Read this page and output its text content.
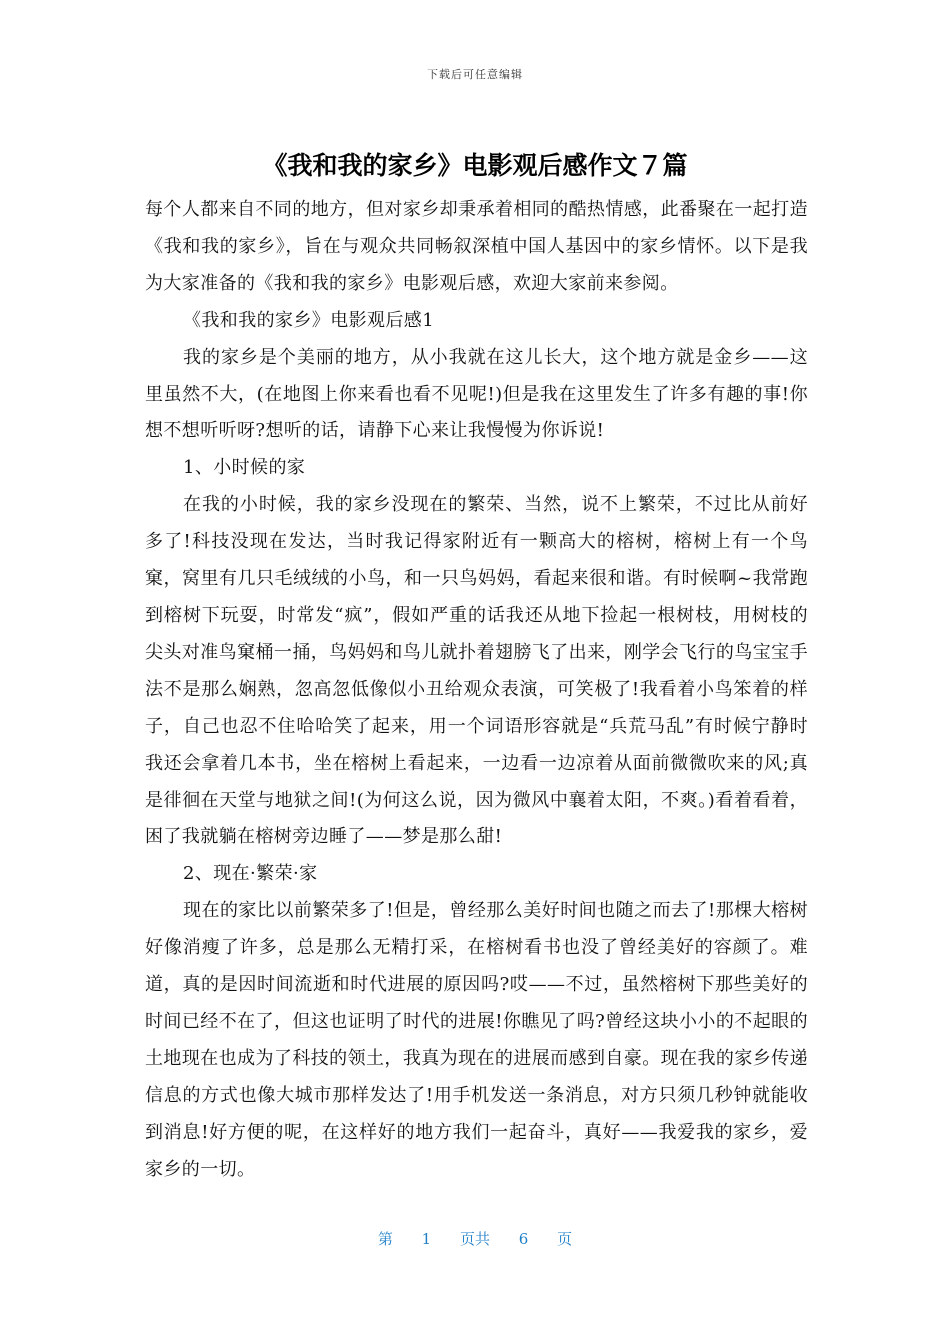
下载后可任意编辑
《我和我的家乡》电影观后感作文７篇

每个人都来自不同的地方，但对家乡却秉承着相同的酷热情感，此番聚在一起打造《我和我的家乡》，旨在与观众共同畅叙深植中国人基因中的家乡情怀。以下是我为大家准备的《我和我的家乡》电影观后感，欢迎大家前来参阅。

《我和我的家乡》电影观后感1

我的家乡是个美丽的地方，从小我就在这儿长大，这个地方就是金乡——这里虽然不大，(在地图上你来看也看不见呢!)但是我在这里发生了许多有趣的事!你想不想听听呀?想听的话，请静下心来让我慢慢为你诉说!

1、小时候的家

在我的小时候，我的家乡没现在的繁荣、当然，说不上繁荣，不过比从前好多了!科技没现在发达，当时我记得家附近有一颗高大的榕树，榕树上有一个鸟窠，窝里有几只毛绒绒的小鸟，和一只鸟妈妈，看起来很和谐。有时候啊~我常跑到榕树下玩耍，时常发“疯”，假如严重的话我还从地下捡起一根树枝，用树枝的尖头对准鸟窠桶一捅，鸟妈妈和鸟儿就扑着翅膀飞了出来，刚学会飞行的鸟宝宝手法不是那么娴熟，忽高忽低像似小丑给观众表演，可笑极了!我看着小鸟笨着的样子，自己也忍不住哈哈笑了起来，用一个词语形容就是“兵荒马乱”有时候宁静时我还会拿着几本书，坐在榕树上看起来，一边看一边凉着从面前微微吹来的风;真是徘徊在天堂与地狱之间!(为何这么说，因为微风中襄着太阳，不爽。)看着看着，困了我就躺在榕树旁边睡了——梦是那么甜!

2、现在·繁荣·家

现在的家比以前繁荣多了!但是，曾经那么美好时间也随之而去了!那棵大榕树好像消瘦了许多，总是那么无精打采，在榕树看书也没了曾经美好的容颜了。难道，真的是因时间流逝和时代进展的原因吗?哎——不过，虽然榕树下那些美好的时间已经不在了，但这也证明了时代的进展!你瞧见了吗?曾经这块小小的不起眼的土地现在也成为了科技的领土，我真为现在的进展而感到自豪。现在我的家乡传递信息的方式也像大城市那样发达了!用手机发送一条消息，对方只须几秒钟就能收到消息!好方便的呢，在这样好的地方我们一起奋斗，真好——我爱我的家乡，爱家乡的一切。

第 1 页共 6 页
